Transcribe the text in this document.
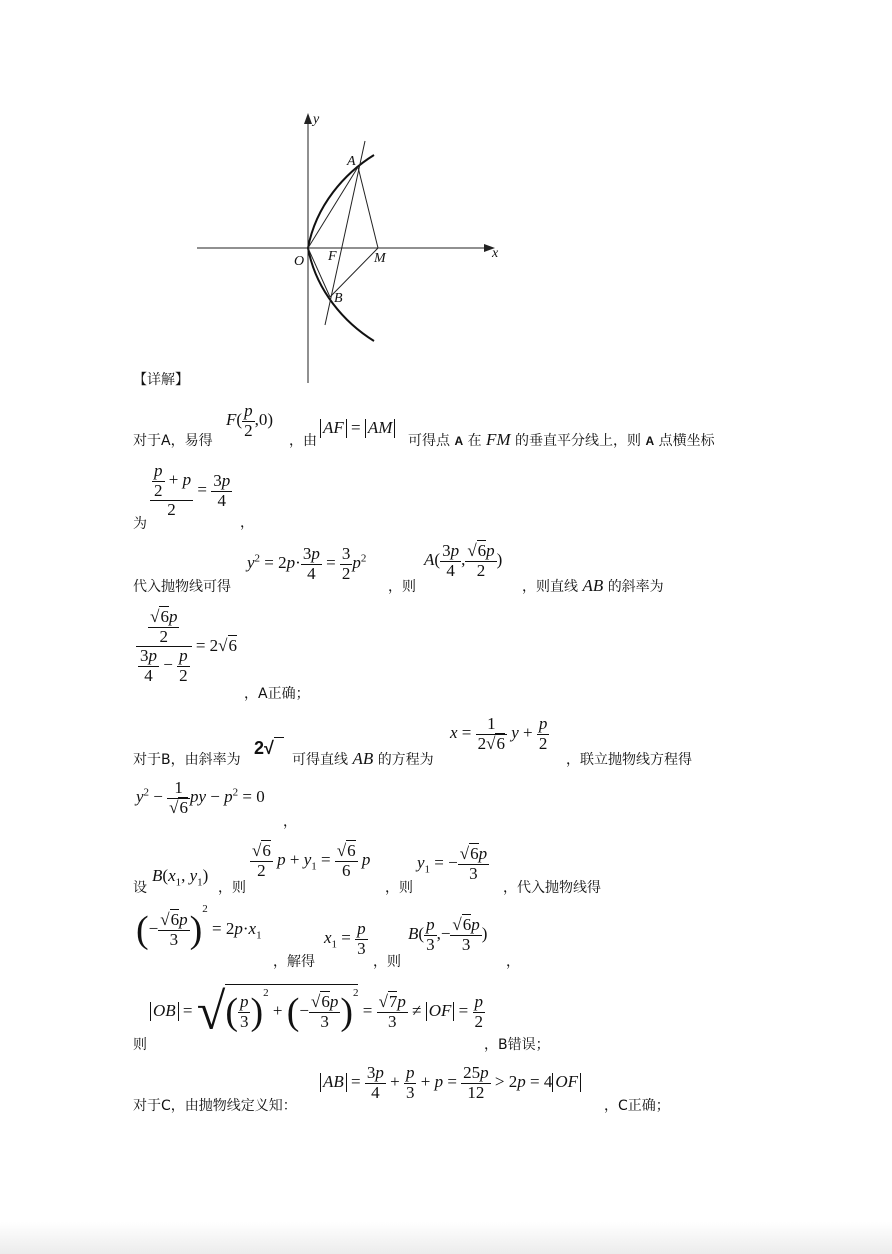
y
x
O F	M
A
B
【详解】
对于A，易得
$F( \frac{p}{2} ,0)$
，由
AF = AM
可得点 A 在 FM 的垂直平分线上，则 A 点横坐标
为
$\frac{\frac{p}{2} + p}{2} = \frac{3p}{4}$
，
代入抛物线可得
$y^2 = 2p\cdot \frac{3p}{4} = \frac{3}{2} p^2$
，则
$A( \frac{3p}{4}$ , $\frac{√6p}{2}$ )
，则直线 AB 的斜率为
$\frac{\frac{√6p}{2}}{\frac{3p}{4} - \frac{p}{2}} = 2√6$
，A正确；
对于B，由斜率为
2√
可得直线 AB 的方程为
$x = \frac{1}{2√6}$ $y + \frac{p}{2}$
，联立抛物线方程得
$y^2 - \frac{1}{√6}$ py − $p^2 = 0$
，
设
$B(x_1$, $y_1$)
，则
$\frac{√6}{2}$ $p + y_1 = \frac{√6}{6}$ p
，则
$y_1$ = − $\frac{√6p}{3}$
，代入抛物线得
(− $\frac{√6p}{3} )^2 = 2p\cdot x_1$
，解得
$x_1 = \frac{p}{3}$
，则
$B( \frac{p}{3}$ ,− $\frac{√6p}{3}$ )
，
则
OB = √( $\frac{p}{3} )^2$ + (− $\frac{√6p}{3} )^2 = \frac{√7p}{3}$ ≠ OF = $\frac{p}{2}$
，B错误；
对于C，由抛物线定义知：
AB = $\frac{3p}{4} + \frac{p}{3} + p = \frac{25p}{12} > 2p = 4$ OF
，C正确；
